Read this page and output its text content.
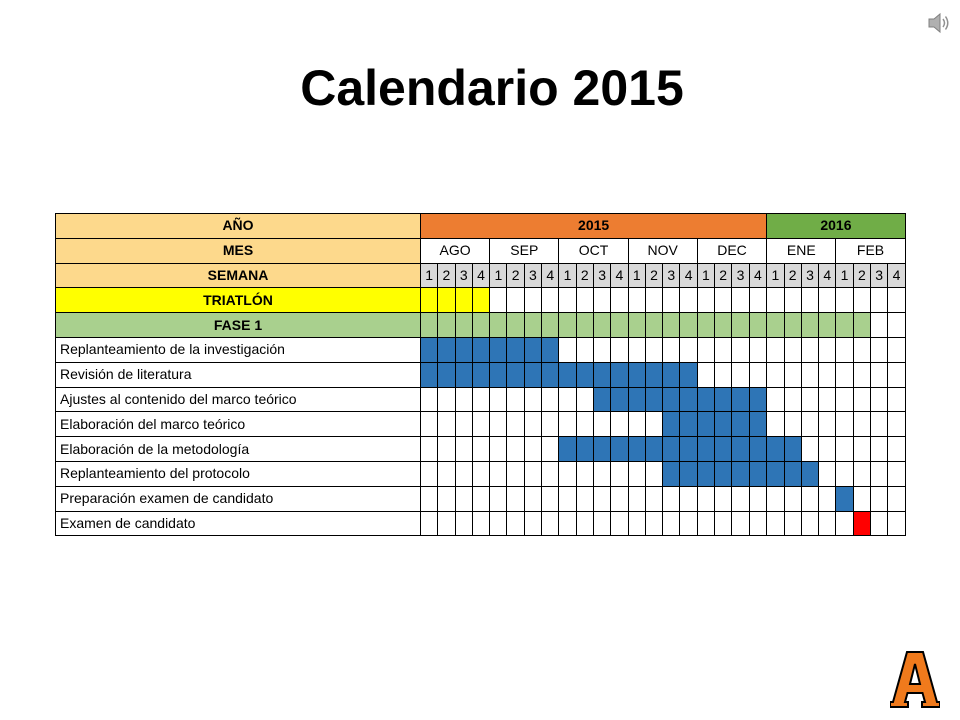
Calendario 2015
AÑO	2015																				2016							
MES	AGO				SEP				OCT				NOV				DEC				ENE				FEB			
SEMANA	1	2	3	4	1	2	3	4	1	2	3	4	1	2	3	4	1	2	3	4	1	2	3	4	1	2	3	4
TRIATLÓN																												
FASE 1																												
Replanteamiento de la investigación																												
Revisión de literatura																												
Ajustes al contenido del marco teórico																												
Elaboración del marco teórico																												
Elaboración de la metodología																												
Replanteamiento del protocolo																												
Preparación examen de candidato																												
Examen de candidato																												
